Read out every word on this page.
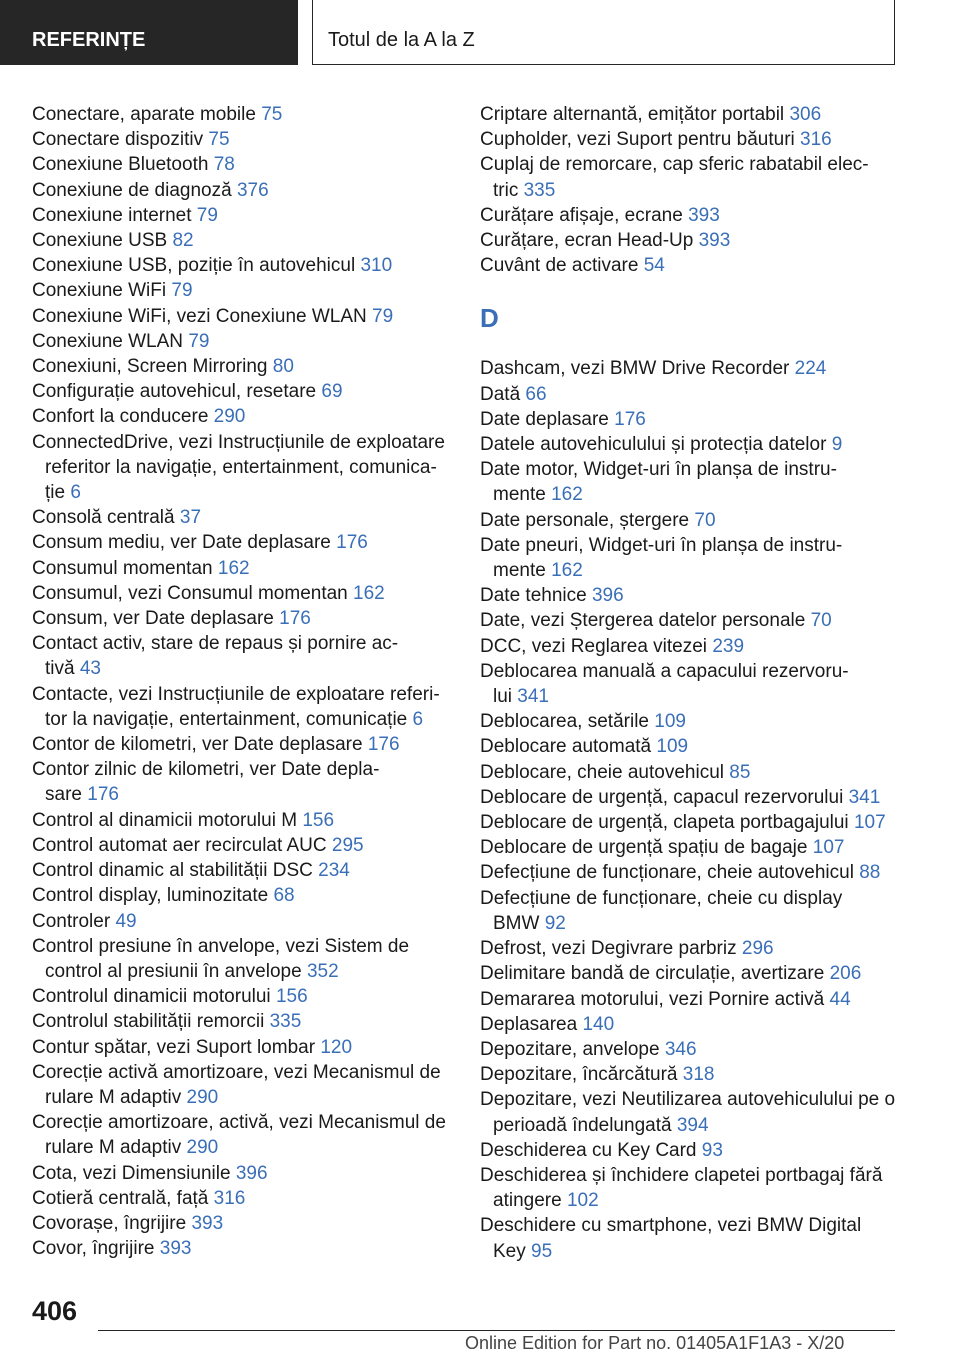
REFERINȚE	Totul de la A la Z
Conectare, aparate mobile 75
Conectare dispozitiv 75
Conexiune Bluetooth 78
Conexiune de diagnoză 376
Conexiune internet 79
Conexiune USB 82
Conexiune USB, poziție în autovehicul 310
Conexiune WiFi 79
Conexiune WiFi, vezi Conexiune WLAN 79
Conexiune WLAN 79
Conexiuni, Screen Mirroring 80
Configurație autovehicul, resetare 69
Confort la conducere 290
ConnectedDrive, vezi Instrucțiunile de exploatare
referitor la navigație, entertainment, comunica-
ție 6
Consolă centrală 37
Consum mediu, ver Date deplasare 176
Consumul momentan 162
Consumul, vezi Consumul momentan 162
Consum, ver Date deplasare 176
Contact activ, stare de repaus și pornire ac-
tivă 43
Contacte, vezi Instrucțiunile de exploatare referi-
tor la navigație, entertainment, comunicație 6
Contor de kilometri, ver Date deplasare 176
Contor zilnic de kilometri, ver Date depla-
sare 176
Control al dinamicii motorului M 156
Control automat aer recirculat AUC 295
Control dinamic al stabilității DSC 234
Control display, luminozitate 68
Controler 49
Control presiune în anvelope, vezi Sistem de
control al presiunii în anvelope 352
Controlul dinamicii motorului 156
Controlul stabilității remorcii 335
Contur spătar, vezi Suport lombar 120
Corecție activă amortizoare, vezi Mecanismul de
rulare M adaptiv 290
Corecție amortizoare, activă, vezi Mecanismul de
rulare M adaptiv 290
Cota, vezi Dimensiunile 396
Cotieră centrală, față 316
Covorașe, îngrijire 393
Covor, îngrijire 393
Criptare alternantă, emițător portabil 306
Cupholder, vezi Suport pentru băuturi 316
Cuplaj de remorcare, cap sferic rabatabil elec-
tric 335
Curățare afișaje, ecrane 393
Curățare, ecran Head-Up 393
Cuvânt de activare 54
D
Dashcam, vezi BMW Drive Recorder 224
Dată 66
Date deplasare 176
Datele autovehiculului și protecția datelor 9
Date motor, Widget-uri în planșa de instru-
mente 162
Date personale, ștergere 70
Date pneuri, Widget-uri în planșa de instru-
mente 162
Date tehnice 396
Date, vezi Ștergerea datelor personale 70
DCC, vezi Reglarea vitezei 239
Deblocarea manuală a capacului rezervoru-
lui 341
Deblocarea, setările 109
Deblocare automată 109
Deblocare, cheie autovehicul 85
Deblocare de urgență, capacul rezervorului 341
Deblocare de urgență, clapeta portbagajului 107
Deblocare de urgență spațiu de bagaje 107
Defecțiune de funcționare, cheie autovehicul 88
Defecțiune de funcționare, cheie cu display
BMW 92
Defrost, vezi Degivrare parbriz 296
Delimitare bandă de circulație, avertizare 206
Demararea motorului, vezi Pornire activă 44
Deplasarea 140
Depozitare, anvelope 346
Depozitare, încărcătură 318
Depozitare, vezi Neutilizarea autovehiculului pe o
perioadă îndelungată 394
Deschiderea cu Key Card 93
Deschiderea și închidere clapetei portbagaj fără
atingere 102
Deschidere cu smartphone, vezi BMW Digital
Key 95
406
Online Edition for Part no. 01405A1F1A3 - X/20
